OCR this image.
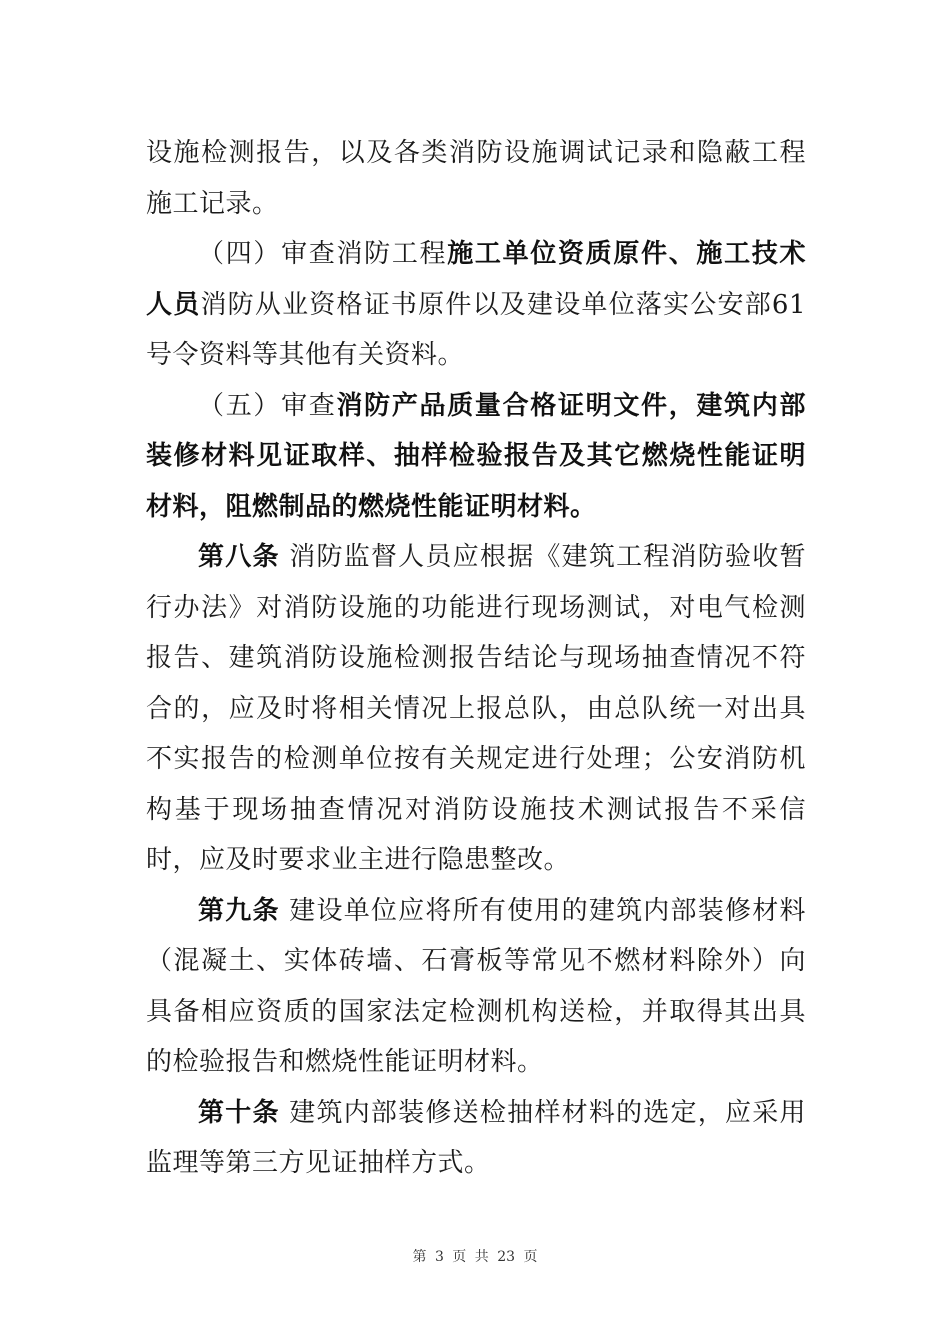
设施检测报告，以及各类消防设施调试记录和隐蔽工程施工记录。

（四）审查消防工程施工单位资质原件、施工技术人员消防从业资格证书原件以及建设单位落实公安部61号令资料等其他有关资料。

（五）审查消防产品质量合格证明文件，建筑内部装修材料见证取样、抽样检验报告及其它燃烧性能证明材料，阻燃制品的燃烧性能证明材料。

第八条 消防监督人员应根据《建筑工程消防验收暂行办法》对消防设施的功能进行现场测试，对电气检测报告、建筑消防设施检测报告结论与现场抽查情况不符合的，应及时将相关情况上报总队，由总队统一对出具不实报告的检测单位按有关规定进行处理；公安消防机构基于现场抽查情况对消防设施技术测试报告不采信时，应及时要求业主进行隐患整改。

第九条 建设单位应将所有使用的建筑内部装修材料（混凝土、实体砖墙、石膏板等常见不燃材料除外）向具备相应资质的国家法定检测机构送检，并取得其出具的检验报告和燃烧性能证明材料。

第十条 建筑内部装修送检抽样材料的选定，应采用监理等第三方见证抽样方式。

第 3 页 共 23 页
